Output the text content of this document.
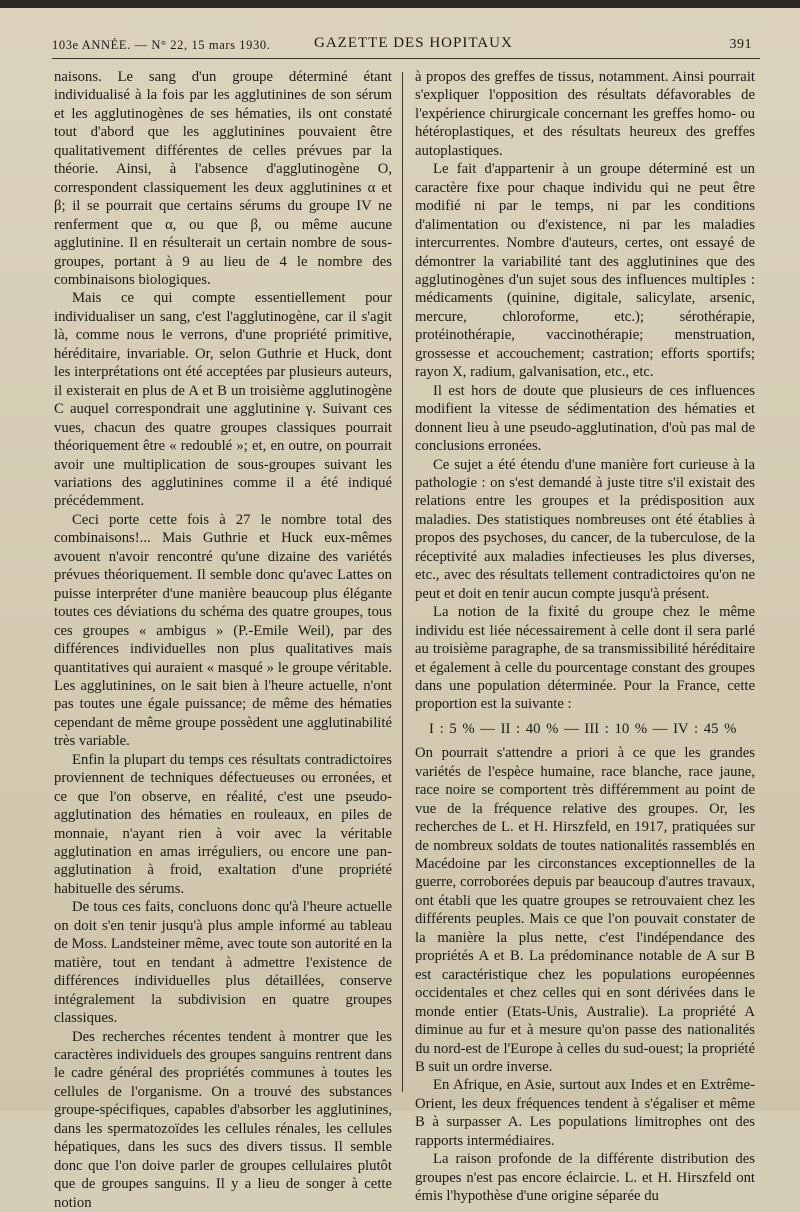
103e ANNÉE. — N° 22, 15 mars 1930.	GAZETTE DES HOPITAUX	391

naisons. Le sang d'un groupe déterminé étant individualisé à la fois par les agglutinines de son sérum et les agglutinogènes de ses hématies, ils ont constaté tout d'abord que les agglutinines pouvaient être qualitativement différentes de celles prévues par la théorie. Ainsi, à l'absence d'agglutinogène O, correspondent classiquement les deux agglutinines α et β; il se pourrait que certains sérums du groupe IV ne renferment que α, ou que β, ou même aucune agglutinine. Il en résulterait un certain nombre de sous-groupes, portant à 9 au lieu de 4 le nombre des combinaisons biologiques.

Mais ce qui compte essentiellement pour individualiser un sang, c'est l'agglutinogène, car il s'agit là, comme nous le verrons, d'une propriété primitive, héréditaire, invariable. Or, selon Guthrie et Huck, dont les interprétations ont été acceptées par plusieurs auteurs, il existerait en plus de A et B un troisième agglutinogène C auquel correspondrait une agglutinine γ. Suivant ces vues, chacun des quatre groupes classiques pourrait théoriquement être « redoublé »; et, en outre, on pourrait avoir une multiplication de sous-groupes suivant les variations des agglutinines comme il a été indiqué précédemment.

Ceci porte cette fois à 27 le nombre total des combinaisons!... Mais Guthrie et Huck eux-mêmes avouent n'avoir rencontré qu'une dizaine des variétés prévues théoriquement. Il semble donc qu'avec Lattes on puisse interpréter d'une manière beaucoup plus élégante toutes ces déviations du schéma des quatre groupes, tous ces groupes « ambigus » (P.-Emile Weil), par des différences individuelles non plus qualitatives mais quantitatives qui auraient « masqué » le groupe véritable. Les agglutinines, on le sait bien à l'heure actuelle, n'ont pas toutes une égale puissance; de même des hématies cependant de même groupe possèdent une agglutinabilité très variable.

Enfin la plupart du temps ces résultats contradictoires proviennent de techniques défectueuses ou erronées, et ce que l'on observe, en réalité, c'est une pseudo-agglutination des hématies en rouleaux, en piles de monnaie, n'ayant rien à voir avec la véritable agglutination en amas irréguliers, ou encore une pan-agglutination à froid, exaltation d'une propriété habituelle des sérums.

De tous ces faits, concluons donc qu'à l'heure actuelle on doit s'en tenir jusqu'à plus ample informé au tableau de Moss. Landsteiner même, avec toute son autorité en la matière, tout en tendant à admettre l'existence de différences individuelles plus détaillées, conserve intégralement la subdivision en quatre groupes classiques.

Des recherches récentes tendent à montrer que les caractères individuels des groupes sanguins rentrent dans le cadre général des propriétés communes à toutes les cellules de l'organisme. On a trouvé des substances groupe-spécifiques, capables d'absorber les agglutinines, dans les spermatozoïdes les cellules rénales, les cellules hépatiques, dans les sucs des divers tissus. Il semble donc que l'on doive parler de groupes cellulaires plutôt que de groupes sanguins. Il y a lieu de songer à cette notion

à propos des greffes de tissus, notamment. Ainsi pourrait s'expliquer l'opposition des résultats défavorables de l'expérience chirurgicale concernant les greffes homo- ou hétéroplastiques, et des résultats heureux des greffes autoplastiques.

Le fait d'appartenir à un groupe déterminé est un caractère fixe pour chaque individu qui ne peut être modifié ni par le temps, ni par les conditions d'alimentation ou d'existence, ni par les maladies intercurrentes. Nombre d'auteurs, certes, ont essayé de démontrer la variabilité tant des agglutinines que des agglutinogènes d'un sujet sous des influences multiples : médicaments (quinine, digitale, salicylate, arsenic, mercure, chloroforme, etc.); sérothérapie, protéinothérapie, vaccinothérapie; menstruation, grossesse et accouchement; castration; efforts sportifs; rayon X, radium, galvanisation, etc., etc.

Il est hors de doute que plusieurs de ces influences modifient la vitesse de sédimentation des hématies et donnent lieu à une pseudo-agglutination, d'où pas mal de conclusions erronées.

Ce sujet a été étendu d'une manière fort curieuse à la pathologie : on s'est demandé à juste titre s'il existait des relations entre les groupes et la prédisposition aux maladies. Des statistiques nombreuses ont été établies à propos des psychoses, du cancer, de la tuberculose, de la réceptivité aux maladies infectieuses les plus diverses, etc., avec des résultats tellement contradictoires qu'on ne peut et doit en tenir aucun compte jusqu'à présent.

La notion de la fixité du groupe chez le même individu est liée nécessairement à celle dont il sera parlé au troisième paragraphe, de sa transmissibilité héréditaire et également à celle du pourcentage constant des groupes dans une population déterminée. Pour la France, cette proportion est la suivante :

I : 5 % — II : 40 % — III : 10 % — IV : 45 %

On pourrait s'attendre a priori à ce que les grandes variétés de l'espèce humaine, race blanche, race jaune, race noire se comportent très différemment au point de vue de la fréquence relative des groupes. Or, les recherches de L. et H. Hirszfeld, en 1917, pratiquées sur de nombreux soldats de toutes nationalités rassemblés en Macédoine par les circonstances exceptionnelles de la guerre, corroborées depuis par beaucoup d'autres travaux, ont établi que les quatre groupes se retrouvaient chez les différents peuples. Mais ce que l'on pouvait constater de la manière la plus nette, c'est l'indépendance des propriétés A et B. La prédominance notable de A sur B est caractéristique chez les populations européennes occidentales et chez celles qui en sont dérivées dans le monde entier (Etats-Unis, Australie). La propriété A diminue au fur et à mesure qu'on passe des nationalités du nord-est de l'Europe à celles du sud-ouest; la propriété B suit un ordre inverse.

En Afrique, en Asie, surtout aux Indes et en Extrême-Orient, les deux fréquences tendent à s'égaliser et même B à surpasser A. Les populations limitrophes ont des rapports intermédiaires.

La raison profonde de la différente distribution des groupes n'est pas encore éclaircie. L. et H. Hirszfeld ont émis l'hypothèse d'une origine séparée du
